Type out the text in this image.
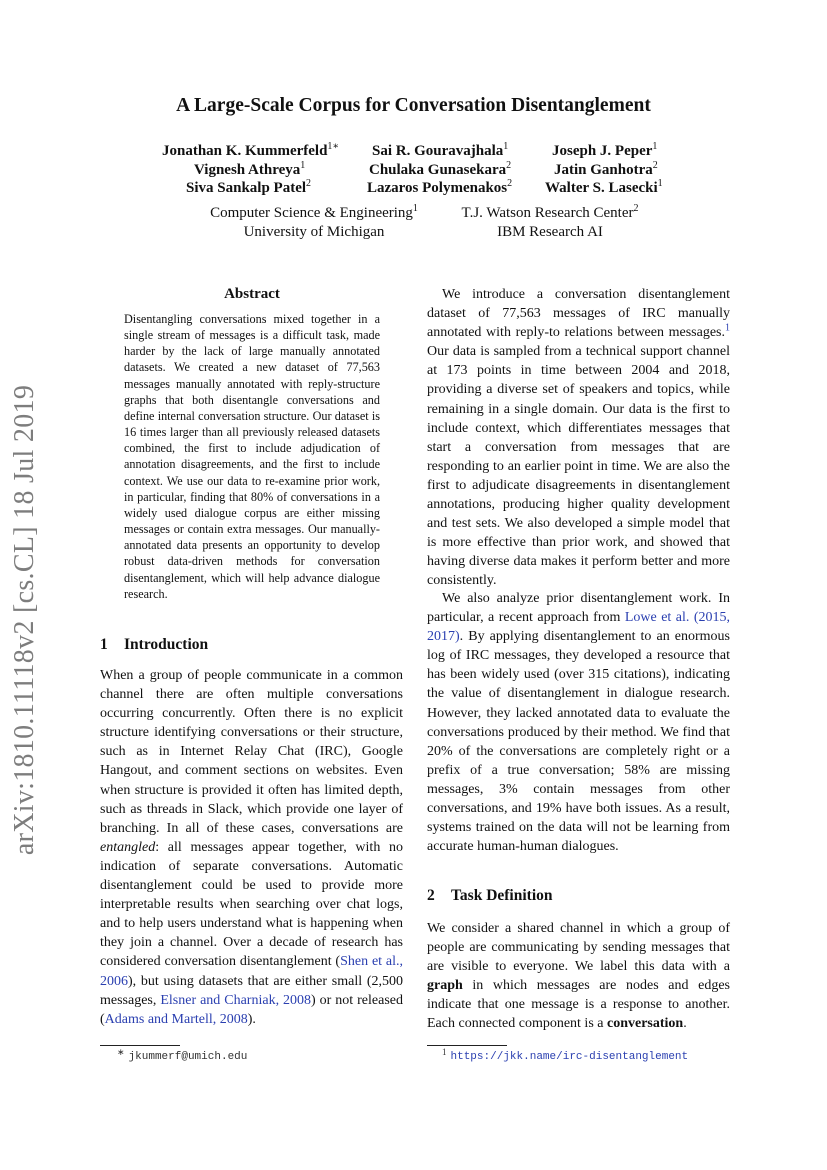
arXiv:1810.11118v2 [cs.CL] 18 Jul 2019
A Large-Scale Corpus for Conversation Disentanglement
Jonathan K. Kummerfeld$^{1∗}$ Sai R. Gouravajhala$^1$	Joseph J. Peper$^1$
Vignesh Athreya$^1$	Chulaka Gunasekara$^2$	Jatin Ganhotra$^2$
Siva Sankalp Patel$^2$	Lazaros Polymenakos$^2$ Walter S. Lasecki$^1$
Computer Science & Engineering$^1$
University of Michigan
T.J. Watson Research Center$^2$
IBM Research AI
Abstract
Disentangling conversations mixed together in a single stream of messages is a difficult task, made harder by the lack of large manually annotated datasets. We created a new dataset of 77,563 messages manually annotated with reply-structure graphs that both disentangle conversations and define internal conversation structure. Our dataset is 16 times larger than all previously released datasets combined, the first to include adjudication of annotation disagreements, and the first to include context. We use our data to re-examine prior work, in particular, finding that 80% of conversations in a widely used dialogue corpus are either missing messages or contain extra messages. Our manually-annotated data presents an opportunity to develop robust data-driven methods for conversation disentanglement, which will help advance dialogue research.
1 Introduction
When a group of people communicate in a common channel there are often multiple conversations occurring concurrently. Often there is no explicit structure identifying conversations or their structure, such as in Internet Relay Chat (IRC), Google Hangout, and comment sections on websites. Even when structure is provided it often has limited depth, such as threads in Slack, which provide one layer of branching. In all of these cases, conversations are entangled: all messages appear together, with no indication of separate conversations. Automatic disentanglement could be used to provide more interpretable results when searching over chat logs, and to help users understand what is happening when they join a channel. Over a decade of research has considered conversation disentanglement (Shen et al., 2006), but using datasets that are either small (2,500 messages, Elsner and Charniak, 2008) or not released (Adams and Martell, 2008).
∗ jkummerf@umich.edu
We introduce a conversation disentanglement dataset of 77,563 messages of IRC manually annotated with reply-to relations between messages.$^1$ Our data is sampled from a technical support channel at 173 points in time between 2004 and 2018, providing a diverse set of speakers and topics, while remaining in a single domain. Our data is the first to include context, which differentiates messages that start a conversation from messages that are responding to an earlier point in time. We are also the first to adjudicate disagreements in disentanglement annotations, producing higher quality development and test sets. We also developed a simple model that is more effective than prior work, and showed that having diverse data makes it perform better and more consistently.
We also analyze prior disentanglement work. In particular, a recent approach from Lowe et al. (2015, 2017). By applying disentanglement to an enormous log of IRC messages, they developed a resource that has been widely used (over 315 citations), indicating the value of disentanglement in dialogue research. However, they lacked annotated data to evaluate the conversations produced by their method. We find that 20% of the conversations are completely right or a prefix of a true conversation; 58% are missing messages, 3% contain messages from other conversations, and 19% have both issues. As a result, systems trained on the data will not be learning from accurate human-human dialogues.
2 Task Definition
We consider a shared channel in which a group of people are communicating by sending messages that are visible to everyone. We label this data with a graph in which messages are nodes and edges indicate that one message is a response to another. Each connected component is a conversation.
$^1$ https://jkk.name/irc-disentanglement
